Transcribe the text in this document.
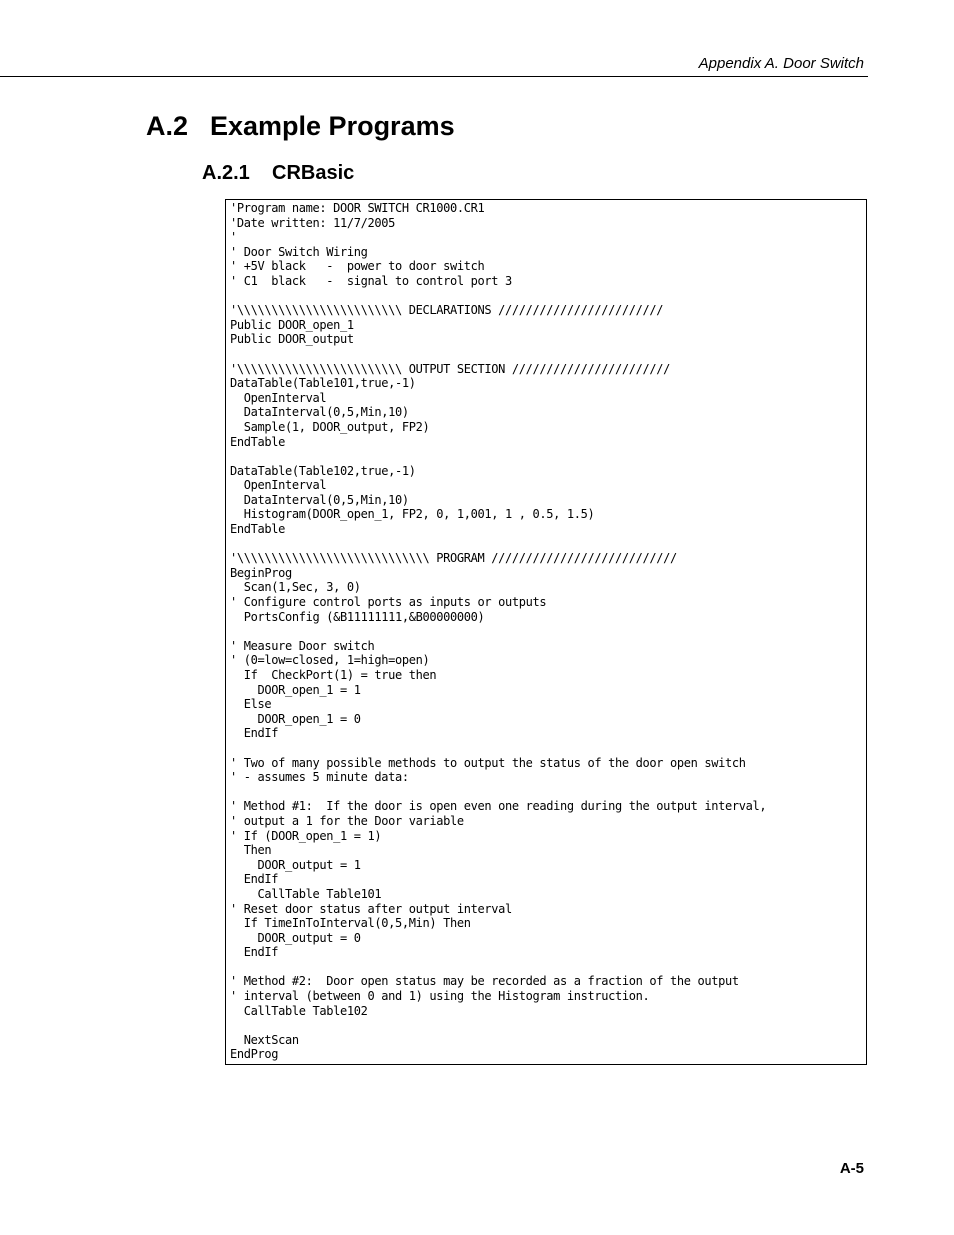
Appendix A. Door Switch
A.2 Example Programs
A.2.1 CRBasic
'Program name: DOOR SWITCH CR1000.CR1
'Date written: 11/7/2005
'
' Door Switch Wiring
' +5V black   -  power to door switch
' C1  black   -  signal to control port 3

'\\\\\\\\\\\\\\\\\\\\\\\\ DECLARATIONS ////////////////////////
Public DOOR_open_1
Public DOOR_output

'\\\\\\\\\\\\\\\\\\\\\\\\ OUTPUT SECTION ///////////////////////
DataTable(Table101,true,-1)
OpenInterval
DataInterval(0,5,Min,10)
Sample(1, DOOR_output, FP2)
EndTable

DataTable(Table102,true,-1)
OpenInterval
DataInterval(0,5,Min,10)
Histogram(DOOR_open_1, FP2, 0, 1,001, 1 , 0.5, 1.5)
EndTable

'\\\\\\\\\\\\\\\\\\\\\\\\\\\\ PROGRAM ///////////////////////////
BeginProg
Scan(1,Sec, 3, 0)
' Configure control ports as inputs or outputs
PortsConfig (&B11111111,&B00000000)

' Measure Door switch
' (0=low=closed, 1=high=open)
If  CheckPort(1) = true then
DOOR_open_1 = 1
Else
DOOR_open_1 = 0
EndIf

' Two of many possible methods to output the status of the door open switch
' - assumes 5 minute data:

' Method #1:  If the door is open even one reading during the output interval,
' output a 1 for the Door variable
' If (DOOR_open_1 = 1)
Then
DOOR_output = 1
EndIf
CallTable Table101
' Reset door status after output interval
If TimeInToInterval(0,5,Min) Then
DOOR_output = 0
EndIf

' Method #2:  Door open status may be recorded as a fraction of the output
' interval (between 0 and 1) using the Histogram instruction.
CallTable Table102

NextScan
EndProg
A-5
